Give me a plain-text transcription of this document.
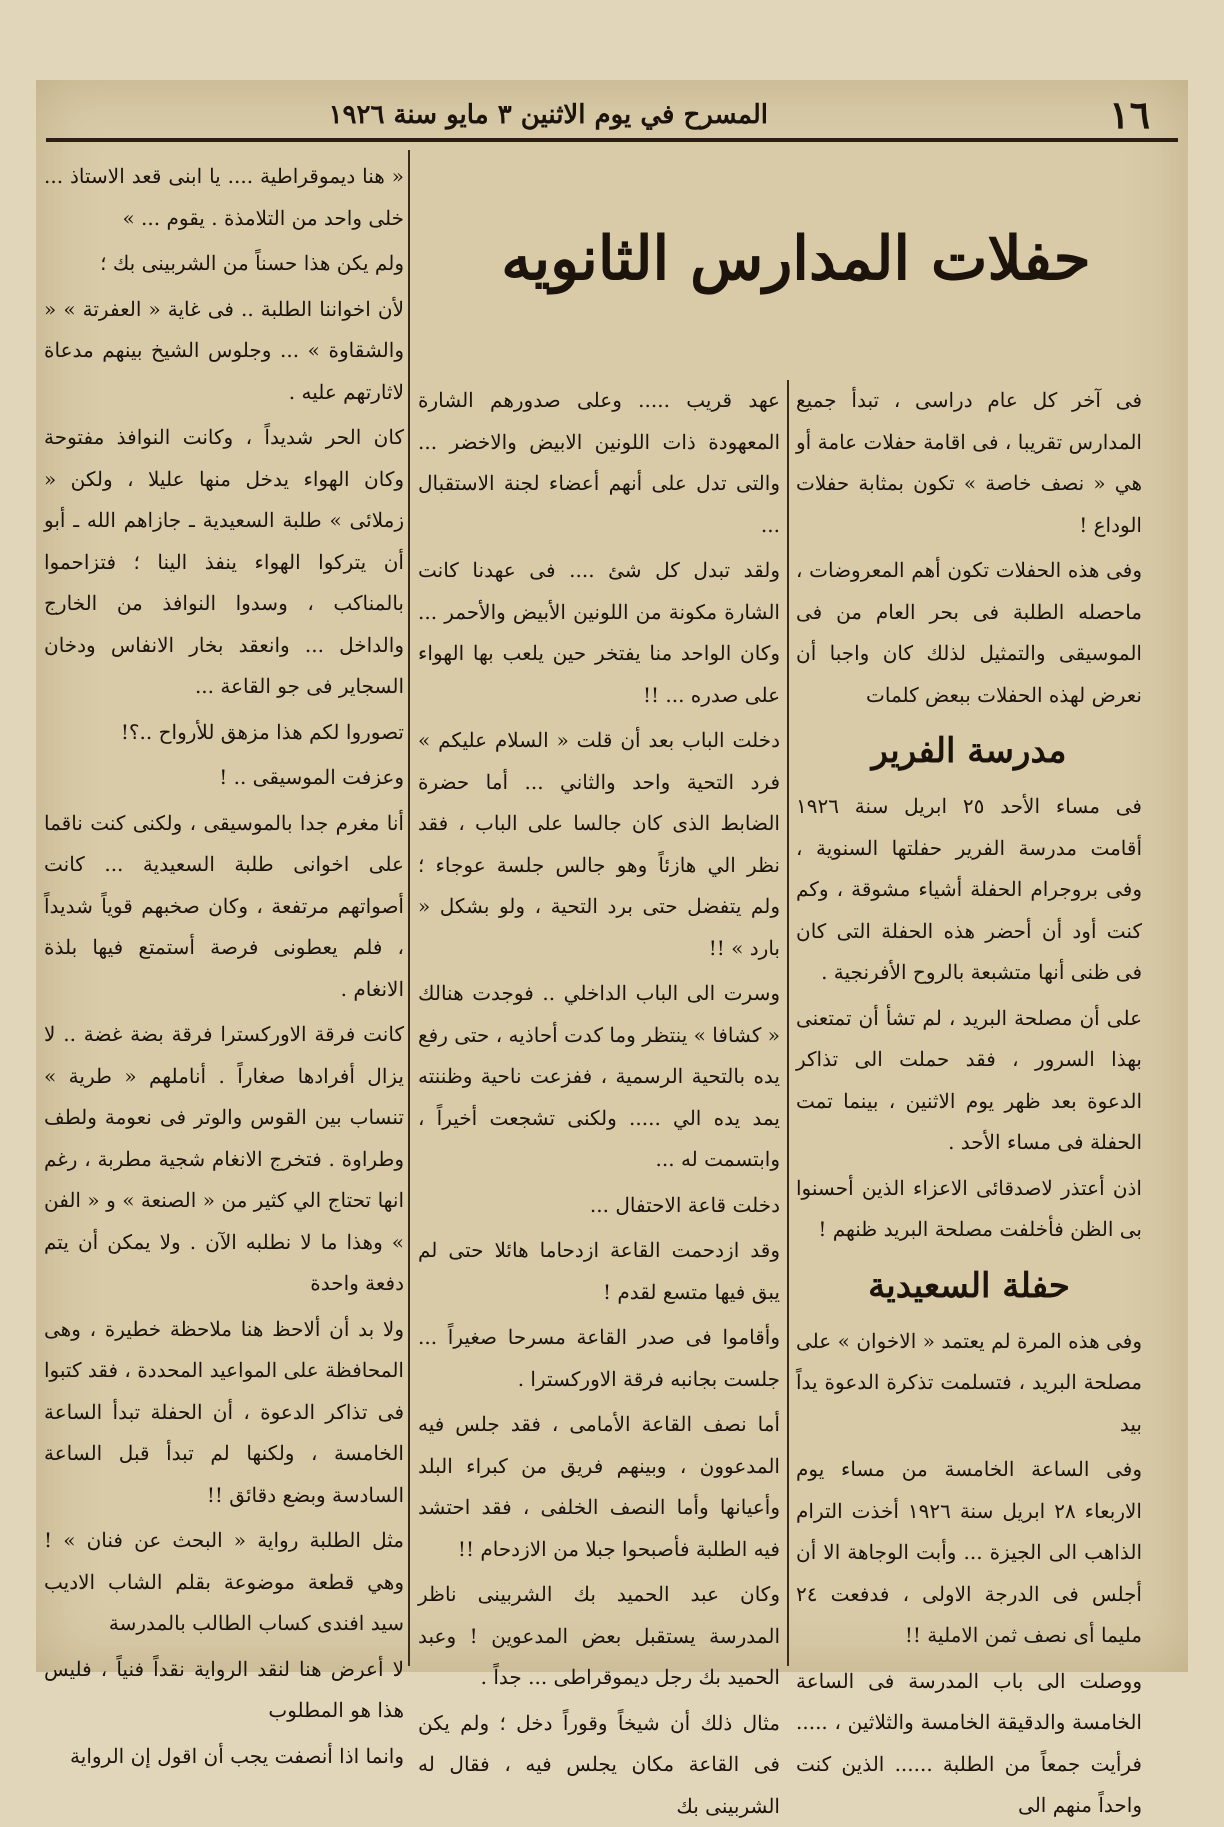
١٦
المسرح في يوم الاثنين ٣ مايو سنة ١٩٢٦
حفلات المدارس الثانويه

فى آخر كل عام دراسى ، تبدأ جميع المدارس تقريبا ، فى اقامة حفلات عامة أو هي « نصف خاصة » تكون بمثابة حفلات الوداع !

وفى هذه الحفلات تكون أهم المعروضات ، ماحصله الطلبة فى بحر العام من فى الموسيقى والتمثيل لذلك كان واجبا أن نعرض لهذه الحفلات ببعض كلمات

مدرسة الفرير

فى مساء الأحد ٢٥ ابريل سنة ١٩٢٦ أقامت مدرسة الفرير حفلتها السنوية ، وفى بروجرام الحفلة أشياء مشوقة ، وكم كنت أود أن أحضر هذه الحفلة التى كان فى ظنى أنها متشبعة بالروح الأفرنجية .

على أن مصلحة البريد ، لم تشأ أن تمتعنى بهذا السرور ، فقد حملت الى تذاكر الدعوة بعد ظهر يوم الاثنين ، بينما تمت الحفلة فى مساء الأحد .

اذن أعتذر لاصدقائى الاعزاء الذين أحسنوا بى الظن فأخلفت مصلحة البريد ظنهم !

حفلة السعيدية

وفى هذه المرة لم يعتمد « الاخوان » على مصلحة البريد ، فتسلمت تذكرة الدعوة يداً بيد

وفى الساعة الخامسة من مساء يوم الاربعاء ٢٨ ابريل سنة ١٩٢٦ أخذت الترام الذاهب الى الجيزة ... وأبت الوجاهة الا أن أجلس فى الدرجة الاولى ، فدفعت ٢٤ مليما أى نصف ثمن الاملية !!

ووصلت الى باب المدرسة فى الساعة الخامسة والدقيقة الخامسة والثلاثين ، ..... فرأيت جمعاً من الطلبة ...... الذين كنت واحداً منهم الى

عهد قريب ..... وعلى صدورهم الشارة المعهودة ذات اللونين الابيض والاخضر ... والتى تدل على أنهم أعضاء لجنة الاستقبال ...

ولقد تبدل كل شئ .... فى عهدنا كانت الشارة مكونة من اللونين الأبيض والأحمر ... وكان الواحد منا يفتخر حين يلعب بها الهواء على صدره ... !!

دخلت الباب بعد أن قلت « السلام عليكم » فرد التحية واحد والثاني ... أما حضرة الضابط الذى كان جالسا على الباب ، فقد نظر الي هازئاً وهو جالس جلسة عوجاء ؛ ولم يتفضل حتى برد التحية ، ولو بشكل « بارد » !!

وسرت الى الباب الداخلي .. فوجدت هنالك « كشافا » ينتظر وما كدت أحاذيه ، حتى رفع يده بالتحية الرسمية ، ففزعت ناحية وظننته يمد يده الي ..... ولكنى تشجعت أخيراً ، وابتسمت له ...

دخلت قاعة الاحتفال ...

وقد ازدحمت القاعة ازدحاما هائلا حتى لم يبق فيها متسع لقدم !

وأقاموا فى صدر القاعة مسرحا صغيراً ... جلست بجانبه فرقة الاوركسترا .

أما نصف القاعة الأمامى ، فقد جلس فيه المدعوون ، وبينهم فريق من كبراء البلد وأعيانها وأما النصف الخلفى ، فقد احتشد فيه الطلبة فأصبحوا جبلا من الازدحام !!

وكان عبد الحميد بك الشربينى ناظر المدرسة يستقبل بعض المدعوين ! وعبد الحميد بك رجل ديموقراطى ... جداً .

مثال ذلك أن شيخاً وقوراً دخل ؛ ولم يكن فى القاعة مكان يجلس فيه ، فقال له الشربينى بك

« هنا ديموقراطية .... يا ابنى قعد الاستاذ ... خلى واحد من التلامذة . يقوم ... »

ولم يكن هذا حسناً من الشربينى بك ؛

لأن اخواننا الطلبة .. فى غاية « العفرتة » « والشقاوة » ... وجلوس الشيخ بينهم مدعاة لاثارتهم عليه .

كان الحر شديداً ، وكانت النوافذ مفتوحة وكان الهواء يدخل منها عليلا ، ولكن « زملائى » طلبة السعيدية ـ جازاهم الله ـ أبو أن يتركوا الهواء ينفذ الينا ؛ فتزاحموا بالمناكب ، وسدوا النوافذ من الخارج والداخل ... وانعقد بخار الانفاس ودخان السجاير فى جو القاعة ...

تصوروا لكم هذا مزهق للأرواح ..؟!

وعزفت الموسيقى .. !

أنا مغرم جدا بالموسيقى ، ولكنى كنت ناقما على اخوانى طلبة السعيدية ... كانت أصواتهم مرتفعة ، وكان صخبهم قوياً شديداً ، فلم يعطونى فرصة أستمتع فيها بلذة الانغام .

كانت فرقة الاوركسترا فرقة بضة غضة .. لا يزال أفرادها صغاراً . أناملهم « طرية » تنساب بين القوس والوتر فى نعومة ولطف وطراوة . فتخرج الانغام شجية مطربة ، رغم انها تحتاج الي كثير من « الصنعة » و « الفن » وهذا ما لا نطلبه الآن . ولا يمكن أن يتم دفعة واحدة

ولا بد أن ألاحظ هنا ملاحظة خطيرة ، وهى المحافظة على المواعيد المحددة ، فقد كتبوا فى تذاكر الدعوة ، أن الحفلة تبدأ الساعة الخامسة ، ولكنها لم تبدأ قبل الساعة السادسة وبضع دقائق !!

مثل الطلبة رواية « البحث عن فنان » ! وهي قطعة موضوعة بقلم الشاب الاديب سيد افندى كساب الطالب بالمدرسة

لا أعرض هنا لنقد الرواية نقداً فنياً ، فليس هذا هو المطلوب

وانما اذا أنصفت يجب أن اقول إن الرواية
